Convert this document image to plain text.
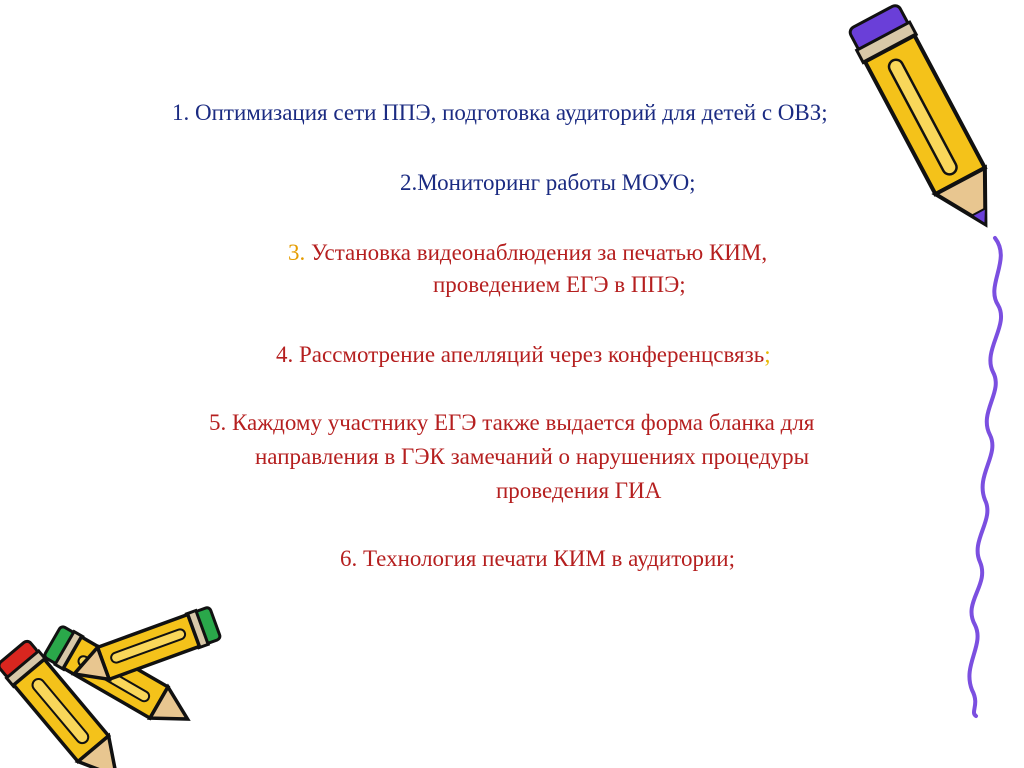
1. Оптимизация сети ППЭ, подготовка аудиторий для детей с ОВЗ;
2.Мониторинг работы МОУО;
3. Установка видеонаблюдения за печатью КИМ,
проведением ЕГЭ в ППЭ;
4. Рассмотрение апелляций через конференцсвязь;
5. Каждому участнику ЕГЭ также выдается форма бланка для
направления в ГЭК замечаний о нарушениях процедуры
проведения ГИА
6. Технология печати КИМ в аудитории;
